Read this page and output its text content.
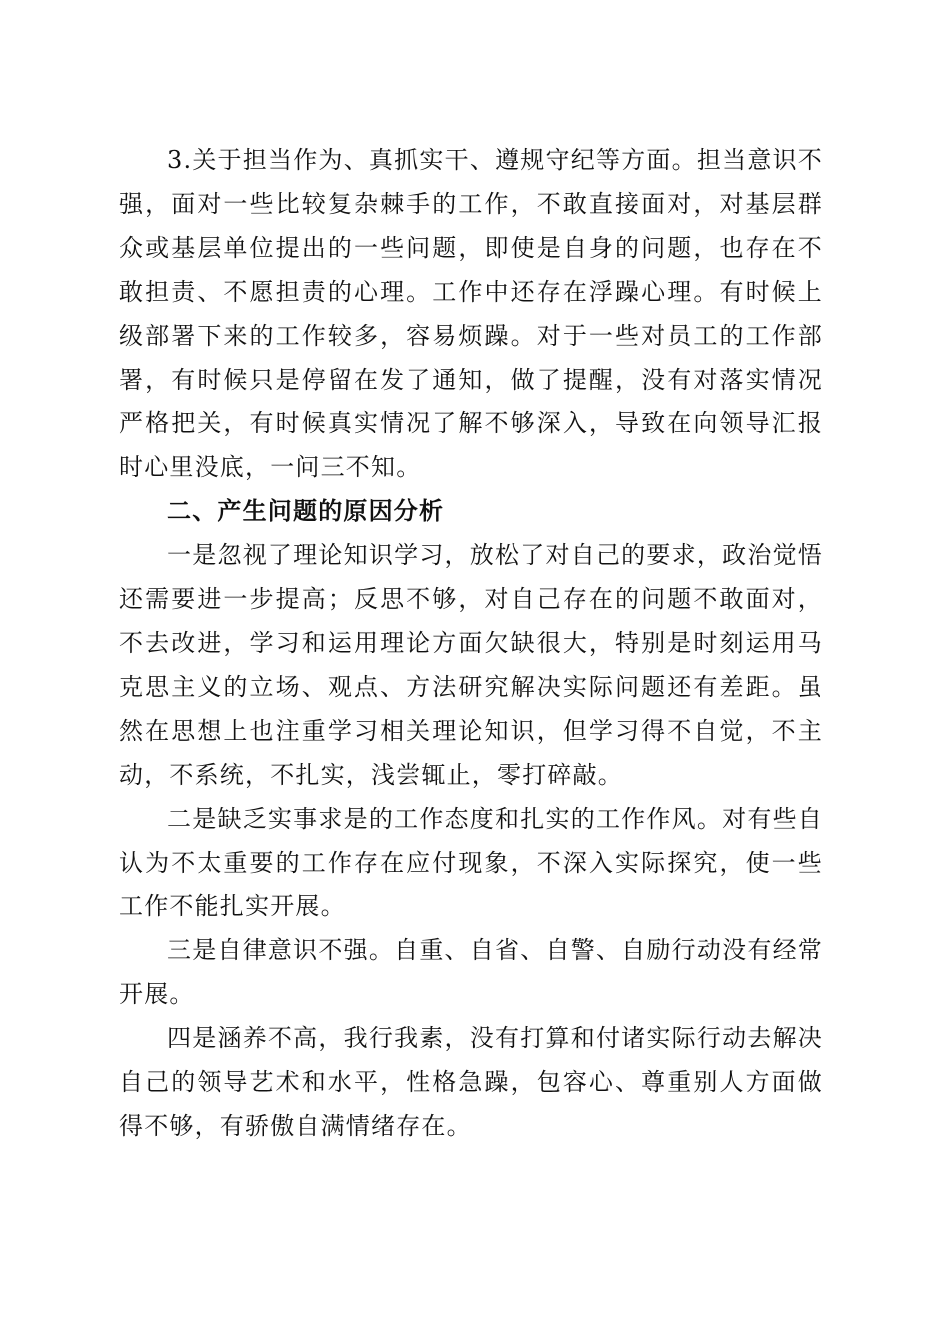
3.关于担当作为、真抓实干、遵规守纪等方面。担当意识不强，面对一些比较复杂棘手的工作，不敢直接面对，对基层群众或基层单位提出的一些问题，即使是自身的问题，也存在不敢担责、不愿担责的心理。工作中还存在浮躁心理。有时候上级部署下来的工作较多，容易烦躁。对于一些对员工的工作部署，有时候只是停留在发了通知，做了提醒，没有对落实情况严格把关，有时候真实情况了解不够深入，导致在向领导汇报时心里没底，一问三不知。

二、产生问题的原因分析

一是忽视了理论知识学习，放松了对自己的要求，政治觉悟还需要进一步提高；反思不够，对自己存在的问题不敢面对，不去改进，学习和运用理论方面欠缺很大，特别是时刻运用马克思主义的立场、观点、方法研究解决实际问题还有差距。虽然在思想上也注重学习相关理论知识，但学习得不自觉，不主动，不系统，不扎实，浅尝辄止，零打碎敲。

二是缺乏实事求是的工作态度和扎实的工作作风。对有些自认为不太重要的工作存在应付现象，不深入实际探究，使一些工作不能扎实开展。

三是自律意识不强。自重、自省、自警、自励行动没有经常开展。

四是涵养不高，我行我素，没有打算和付诸实际行动去解决自己的领导艺术和水平，性格急躁，包容心、尊重别人方面做得不够，有骄傲自满情绪存在。
